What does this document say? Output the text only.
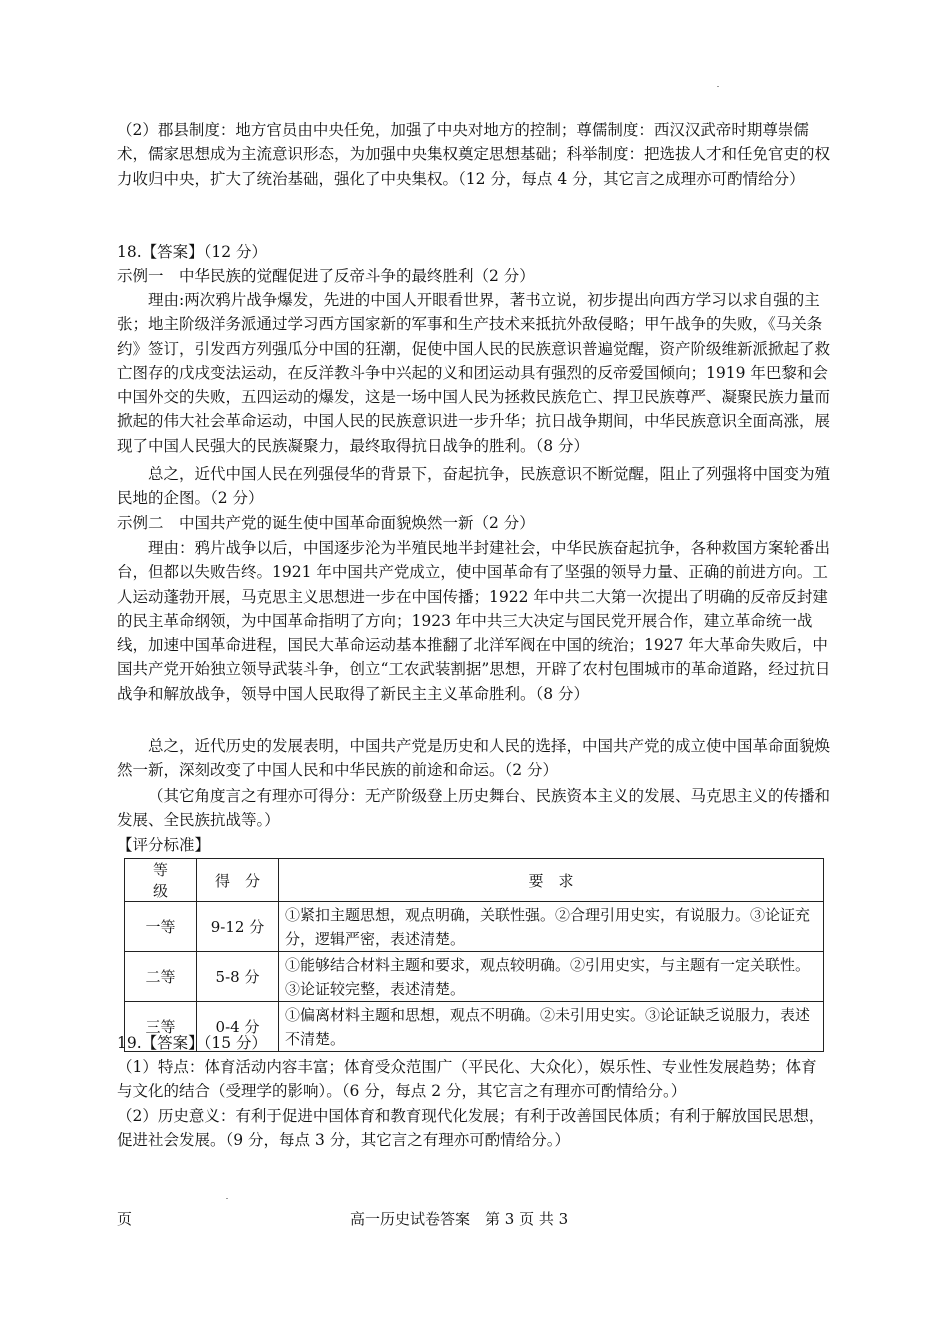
（2）郡县制度：地方官员由中央任免，加强了中央对地方的控制；尊儒制度：西汉汉武帝时期尊崇儒术，儒家思想成为主流意识形态，为加强中央集权奠定思想基础；科举制度：把选拔人才和任免官吏的权力收归中央，扩大了统治基础，强化了中央集权。（12 分，每点 4 分，其它言之成理亦可酌情给分）

18.【答案】（12 分）
示例一　中华民族的觉醒促进了反帝斗争的最终胜利（2 分）

理由:两次鸦片战争爆发，先进的中国人开眼看世界，著书立说，初步提出向西方学习以求自强的主张；地主阶级洋务派通过学习西方国家新的军事和生产技术来抵抗外敌侵略；甲午战争的失败，《马关条约》签订，引发西方列强瓜分中国的狂潮，促使中国人民的民族意识普遍觉醒，资产阶级维新派掀起了救亡图存的戊戌变法运动，在反洋教斗争中兴起的义和团运动具有强烈的反帝爱国倾向；1919 年巴黎和会中国外交的失败，五四运动的爆发，这是一场中国人民为拯救民族危亡、捍卫民族尊严、凝聚民族力量而掀起的伟大社会革命运动，中国人民的民族意识进一步升华；抗日战争期间，中华民族意识全面高涨，展现了中国人民强大的民族凝聚力，最终取得抗日战争的胜利。（8 分）

总之，近代中国人民在列强侵华的背景下，奋起抗争，民族意识不断觉醒，阻止了列强将中国变为殖民地的企图。（2 分）

示例二　中国共产党的诞生使中国革命面貌焕然一新（2 分）

理由：鸦片战争以后，中国逐步沦为半殖民地半封建社会，中华民族奋起抗争，各种救国方案轮番出台，但都以失败告终。1921 年中国共产党成立，使中国革命有了坚强的领导力量、正确的前进方向。工人运动蓬勃开展，马克思主义思想进一步在中国传播；1922 年中共二大第一次提出了明确的反帝反封建的民主革命纲领，为中国革命指明了方向；1923 年中共三大决定与国民党开展合作，建立革命统一战线，加速中国革命进程，国民大革命运动基本推翻了北洋军阀在中国的统治；1927 年大革命失败后，中国共产党开始独立领导武装斗争，创立“工农武装割据”思想，开辟了农村包围城市的革命道路，经过抗日战争和解放战争，领导中国人民取得了新民主主义革命胜利。（8 分）

总之，近代历史的发展表明，中国共产党是历史和人民的选择，中国共产党的成立使中国革命面貌焕然一新，深刻改变了中国人民和中华民族的前途和命运。（2 分）

（其它角度言之有理亦可得分：无产阶级登上历史舞台、民族资本主义的发展、马克思主义的传播和发展、全民族抗战等。）

【评分标准】
等级	得分	要求
一等	9-12 分	①紧扣主题思想，观点明确，关联性强。②合理引用史实，有说服力。③论证充分，逻辑严密，表述清楚。
二等	5-8 分	①能够结合材料主题和要求，观点较明确。②引用史实，与主题有一定关联性。③论证较完整，表述清楚。
三等	0-4 分	①偏离材料主题和思想，观点不明确。②未引用史实。③论证缺乏说服力，表述不清楚。
19.【答案】（15 分）

（1）特点：体育活动内容丰富；体育受众范围广（平民化、大众化），娱乐性、专业性发展趋势；体育与文化的结合（受理学的影响）。（6 分，每点 2 分，其它言之有理亦可酌情给分。）

（2）历史意义：有利于促进中国体育和教育现代化发展；有利于改善国民体质；有利于解放国民思想，促进社会发展。（9 分，每点 3 分，其它言之有理亦可酌情给分。）

页	高一历史试卷答案　第 3 页 共 3
